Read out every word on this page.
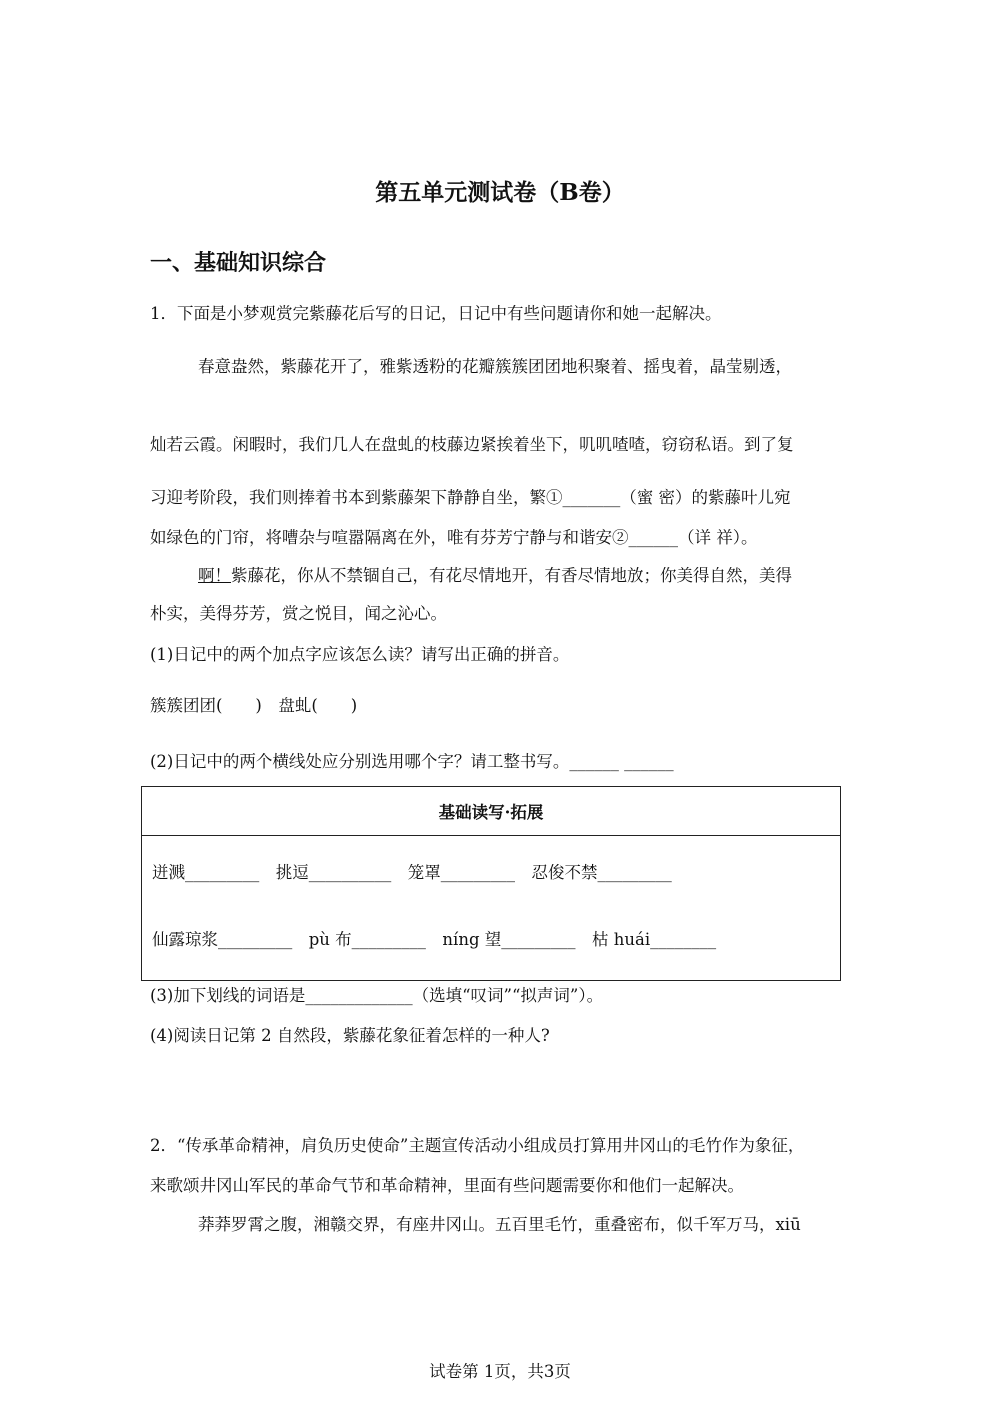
第五单元测试卷（B卷）
一、基础知识综合
1．下面是小梦观赏完紫藤花后写的日记，日记中有些问题请你和她一起解决。
春意盎然，紫藤花开了，雅紫透粉的花瓣簇簇团团地积聚着、摇曳着，晶莹剔透，
灿若云霞。闲暇时，我们几人在盘虬的枝藤边紧挨着坐下，叽叽喳喳，窃窃私语。到了复
习迎考阶段，我们则捧着书本到紫藤架下静静自坐，繁①_______（蜜 密）的紫藤叶儿宛
如绿色的门帘，将嘈杂与喧嚣隔离在外，唯有芬芳宁静与和谐安②______（详 祥）。
啊！紫藤花，你从不禁锢自己，有花尽情地开，有香尽情地放；你美得自然，美得
朴实，美得芬芳，赏之悦目，闻之沁心。
(1)日记中的两个加点字应该怎么读？请写出正确的拼音。
簇簇团团(　　)　盘虬(　　)
(2)日记中的两个横线处应分别选用哪个字？请工整书写。______ ______
基础读写·拓展
迸溅_________　挑逗__________　笼罩_________　忍俊不禁_________
仙露琼浆_________　pù 布_________　níng 望_________　枯 huái________
(3)加下划线的词语是_____________（选填“叹词”“拟声词”）。
(4)阅读日记第 2 自然段，紫藤花象征着怎样的一种人?
2．“传承革命精神，肩负历史使命”主题宣传活动小组成员打算用井冈山的毛竹作为象征，
来歌颂井冈山军民的革命气节和革命精神，里面有些问题需要你和他们一起解决。
莽莽罗霄之腹，湘赣交界，有座井冈山。五百里毛竹，重叠密布，似千军万马，xiū
试卷第 1页，共3页
